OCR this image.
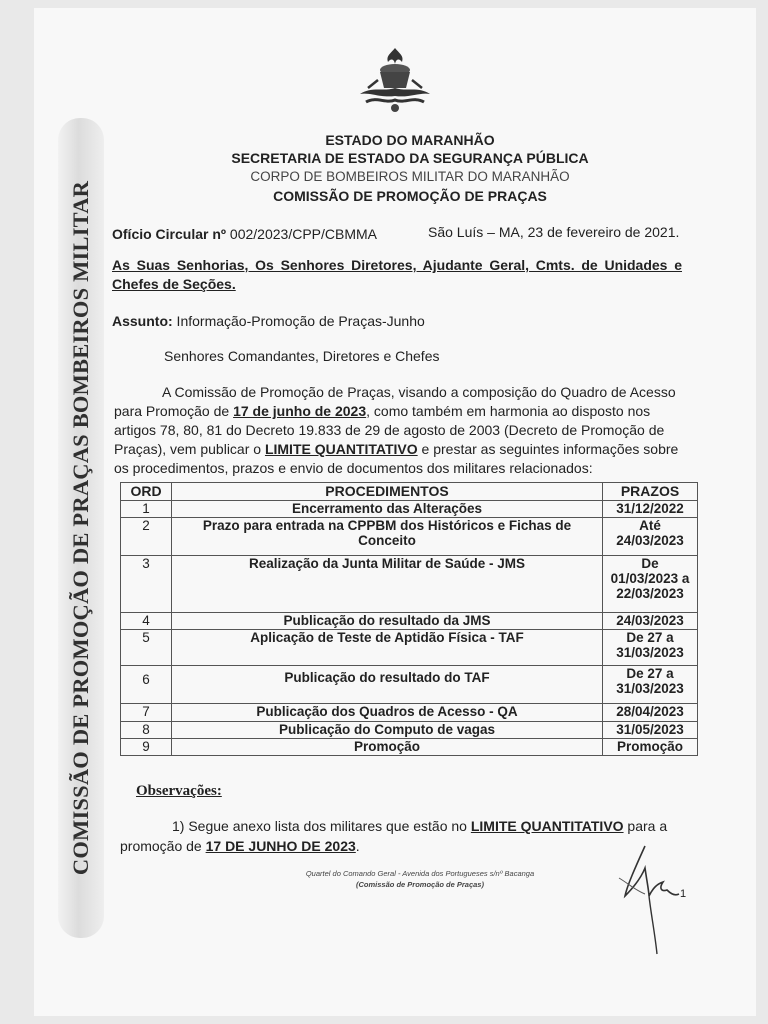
COMISSÃO DE PROMOÇÃO DE PRAÇAS BOMBEIROS MILITAR
ESTADO DO MARANHÃO
SECRETARIA DE ESTADO DA SEGURANÇA PÚBLICA
CORPO DE BOMBEIROS MILITAR DO MARANHÃO
COMISSÃO DE PROMOÇÃO DE PRAÇAS
Ofício Circular nº 002/2023/CPP/CBMMA	São Luís – MA, 23 de fevereiro de 2021.
As Suas Senhorias, Os Senhores Diretores, Ajudante Geral, Cmts. de Unidades e Chefes de Seções.
Assunto: Informação-Promoção de Praças-Junho
Senhores Comandantes, Diretores e Chefes
A Comissão de Promoção de Praças, visando a composição do Quadro de Acesso
para Promoção de 17 de junho de 2023, como também em harmonia ao disposto nos
artigos 78, 80, 81 do Decreto 19.833 de 29 de agosto de 2003 (Decreto de Promoção de
Praças), vem publicar o LIMITE QUANTITATIVO e prestar as seguintes informações sobre
os procedimentos, prazos e envio de documentos dos militares relacionados:
ORD	PROCEDIMENTOS	PRAZOS
1	Encerramento das Alterações	31/12/2022

2	Prazo para entrada na CPPBM dos Históricos e Fichas de Conceito	Até
24/03/2023

3	Realização da Junta Militar de Saúde - JMS	De
01/03/2023 a
22/03/2023

4	Publicação do resultado da JMS	24/03/2023

5	Aplicação de Teste de Aptidão Física - TAF	De 27 a
31/03/2023

6	Publicação do resultado do TAF	De 27 a
31/03/2023

7	Publicação dos Quadros de Acesso - QA	28/04/2023

8	Publicação do Computo de vagas	31/05/2023

9	Promoção	Promoção
Observações:
1) Segue anexo lista dos militares que estão no LIMITE QUANTITATIVO para a
promoção de 17 DE JUNHO DE 2023.
Quartel do Comando Geral - Avenida dos Portugueses s/nº Bacanga
(Comissão de Promoção de Praças)
1
